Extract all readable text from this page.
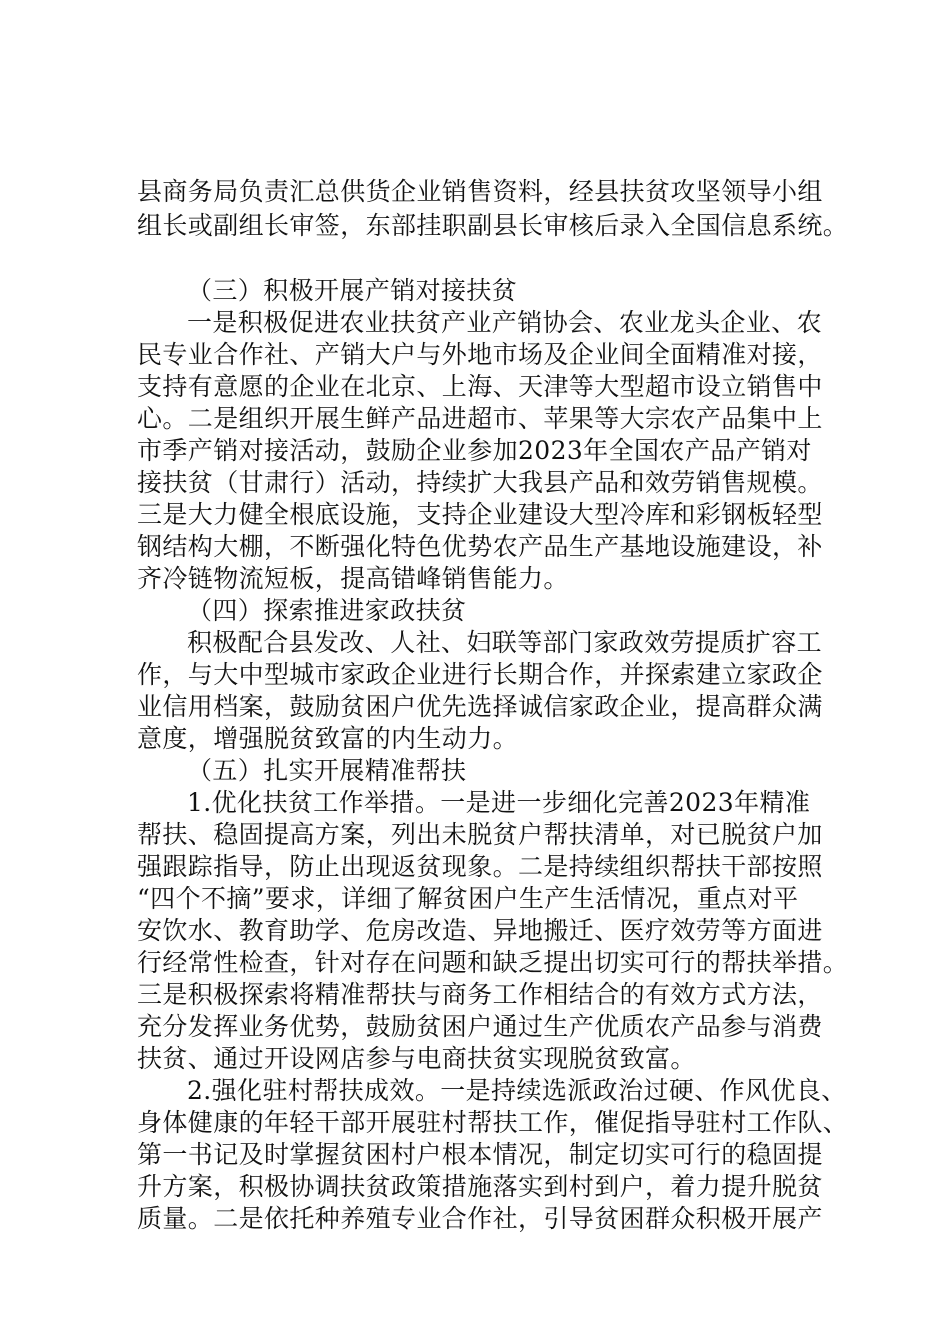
县商务局负责汇总供货企业销售资料，经县扶贫攻坚领导小组
组长或副组长审签，东部挂职副县长审核后录入全国信息系统。
（三）积极开展产销对接扶贫
一是积极促进农业扶贫产业产销协会、农业龙头企业、农
民专业合作社、产销大户与外地市场及企业间全面精准对接，
支持有意愿的企业在北京、上海、天津等大型超市设立销售中
心。二是组织开展生鲜产品进超市、苹果等大宗农产品集中上
市季产销对接活动，鼓励企业参加2023年全国农产品产销对
接扶贫（甘肃行）活动，持续扩大我县产品和效劳销售规模。
三是大力健全根底设施，支持企业建设大型冷库和彩钢板轻型
钢结构大棚，不断强化特色优势农产品生产基地设施建设，补
齐冷链物流短板，提高错峰销售能力。
（四）探索推进家政扶贫
积极配合县发改、人社、妇联等部门家政效劳提质扩容工
作，与大中型城市家政企业进行长期合作，并探索建立家政企
业信用档案，鼓励贫困户优先选择诚信家政企业，提高群众满
意度，增强脱贫致富的内生动力。
（五）扎实开展精准帮扶
1.优化扶贫工作举措。一是进一步细化完善2023年精准
帮扶、稳固提高方案，列出未脱贫户帮扶清单，对已脱贫户加
强跟踪指导，防止出现返贫现象。二是持续组织帮扶干部按照
“四个不摘”要求，详细了解贫困户生产生活情况，重点对平
安饮水、教育助学、危房改造、异地搬迁、医疗效劳等方面进
行经常性检查，针对存在问题和缺乏提出切实可行的帮扶举措。
三是积极探索将精准帮扶与商务工作相结合的有效方式方法，
充分发挥业务优势，鼓励贫困户通过生产优质农产品参与消费
扶贫、通过开设网店参与电商扶贫实现脱贫致富。
2.强化驻村帮扶成效。一是持续选派政治过硬、作风优良、
身体健康的年轻干部开展驻村帮扶工作，催促指导驻村工作队、
第一书记及时掌握贫困村户根本情况，制定切实可行的稳固提
升方案，积极协调扶贫政策措施落实到村到户，着力提升脱贫
质量。二是依托种养殖专业合作社，引导贫困群众积极开展产
